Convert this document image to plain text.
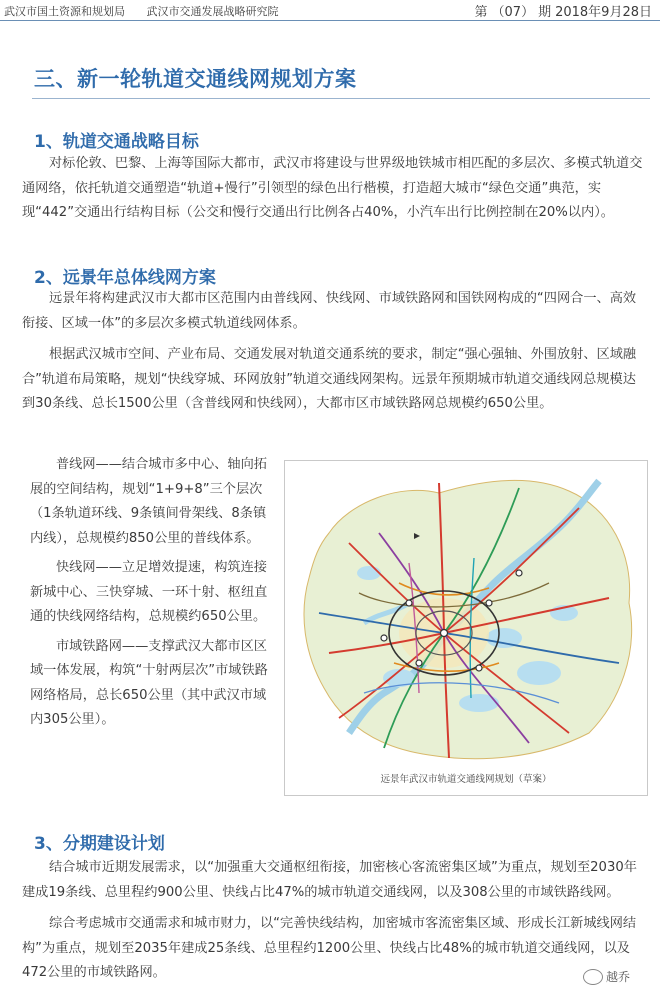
武汉市国土资源和规划局 武汉市交通发展战略研究院	第 （07） 期 2018年9月28日
三、新一轮轨道交通线网规划方案
1、轨道交通战略目标
对标伦敦、巴黎、上海等国际大都市，武汉市将建设与世界级地铁城市相匹配的多层次、多模式轨道交通网络，依托轨道交通塑造“轨道+慢行”引领型的绿色出行楷模，打造超大城市“绿色交通”典范，实现“442”交通出行结构目标（公交和慢行交通出行比例各占40%，小汽车出行比例控制在20%以内）。
2、远景年总体线网方案
远景年将构建武汉市大都市区范围内由普线网、快线网、市域铁路网和国铁网构成的“四网合一、高效衔接、区域一体”的多层次多模式轨道线网体系。
根据武汉城市空间、产业布局、交通发展对轨道交通系统的要求，制定“强心强轴、外围放射、区域融合”轨道布局策略，规划“快线穿城、环网放射”轨道交通线网架构。远景年预期城市轨道交通线网总规模达到30条线、总长1500公里（含普线网和快线网），大都市区市域铁路网总规模约650公里。

普线网——结合城市多中心、轴向拓展的空间结构，规划“1+9+8”三个层次（1条轨道环线、9条镇间骨架线、8条镇内线），总规模约850公里的普线体系。

快线网——立足增效提速，构筑连接新城中心、三快穿城、一环十射、枢纽直通的快线网络结构，总规模约650公里。

市域铁路网——支撑武汉大都市区区域一体发展，构筑“十射两层次”市域铁路网络格局，总长650公里（其中武汉市域内305公里）。

远景年武汉市轨道交通线网规划（草案）
3、分期建设计划
结合城市近期发展需求，以“加强重大交通枢纽衔接，加密核心客流密集区域”为重点，规划至2030年建成19条线、总里程约900公里、快线占比47%的城市轨道交通线网，以及308公里的市域铁路线网。
综合考虑城市交通需求和城市财力，以“完善快线结构，加密城市客流密集区域、形成长江新城线网结构”为重点，规划至2035年建成25条线、总里程约1200公里、快线占比48%的城市轨道交通线网，以及472公里的市域铁路网。	越乔
